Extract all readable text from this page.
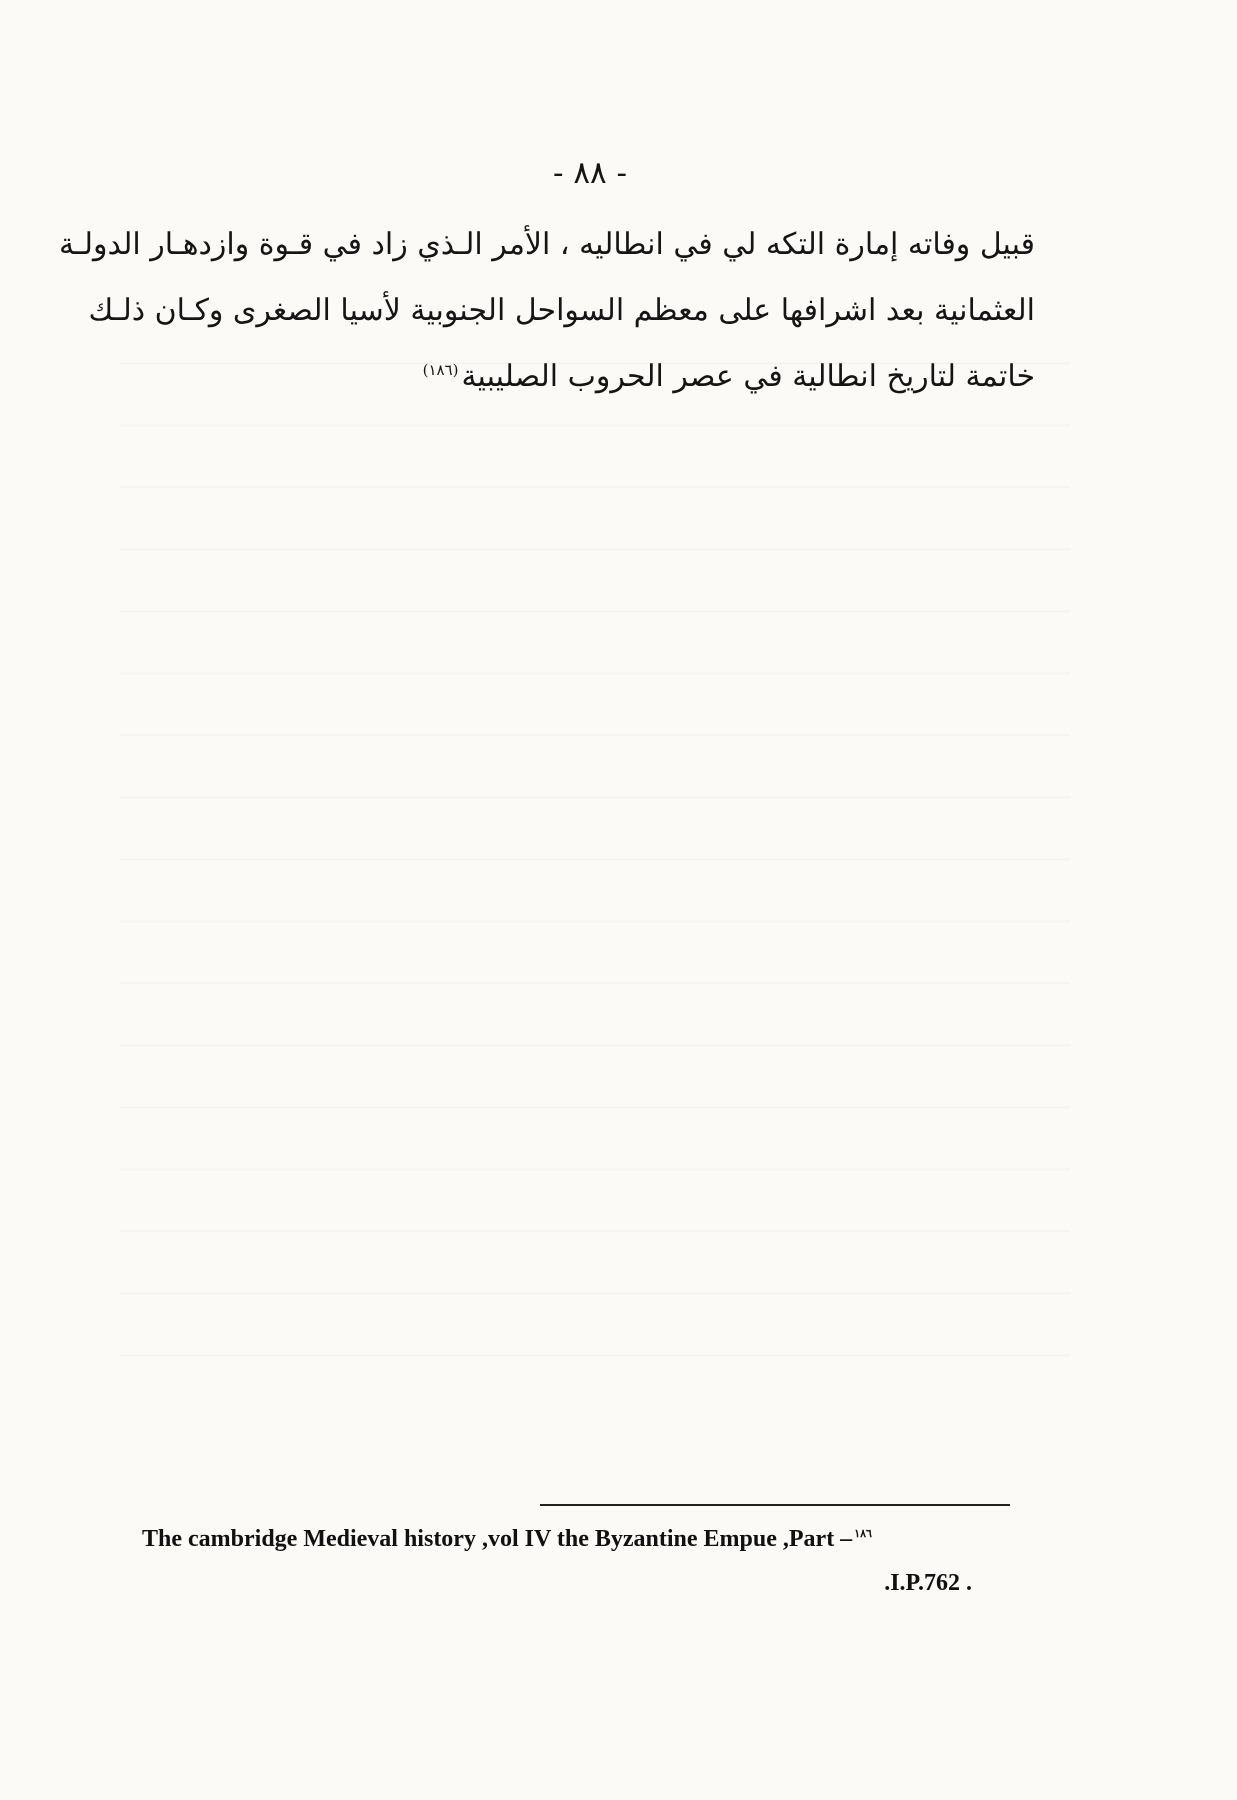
- ٨٨ -
قبيل وفاته إمارة التكه لي في انطاليه ، الأمر الـذي زاد في قـوة وازدهـار الدولـة
العثمانية بعد اشرافها على معظم السواحل الجنوبية لأسيا الصغرى وكـان ذلـك
خاتمة لتاريخ انطالية في عصر الحروب الصليبية$^{(١٨٦)}$
The cambridge Medieval history ,vol IV the Byzantine Empue ,Part – $^{١٨٦}$
.I.P.762 .
